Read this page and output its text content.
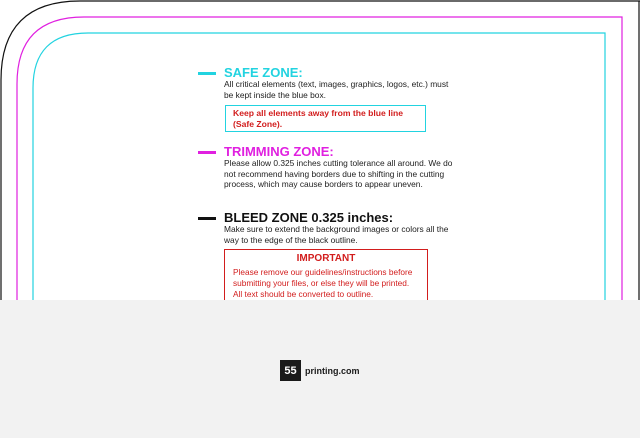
SAFE ZONE:
All critical elements (text, images, graphics, logos, etc.) must be kept inside the blue box.
Keep all elements away from the blue line (Safe Zone).
TRIMMING ZONE:
Please allow 0.325 inches cutting tolerance all around. We do not recommend having borders due to shifting in the cutting process, which may cause borders to appear uneven.
BLEED ZONE 0.325 inches:
Make sure to extend the background images or colors all the way to the edge of the black outline.
IMPORTANT
Please remove our guidelines/instructions before submitting your files, or else they will be printed. All text should be converted to outline.
55 printing.com
